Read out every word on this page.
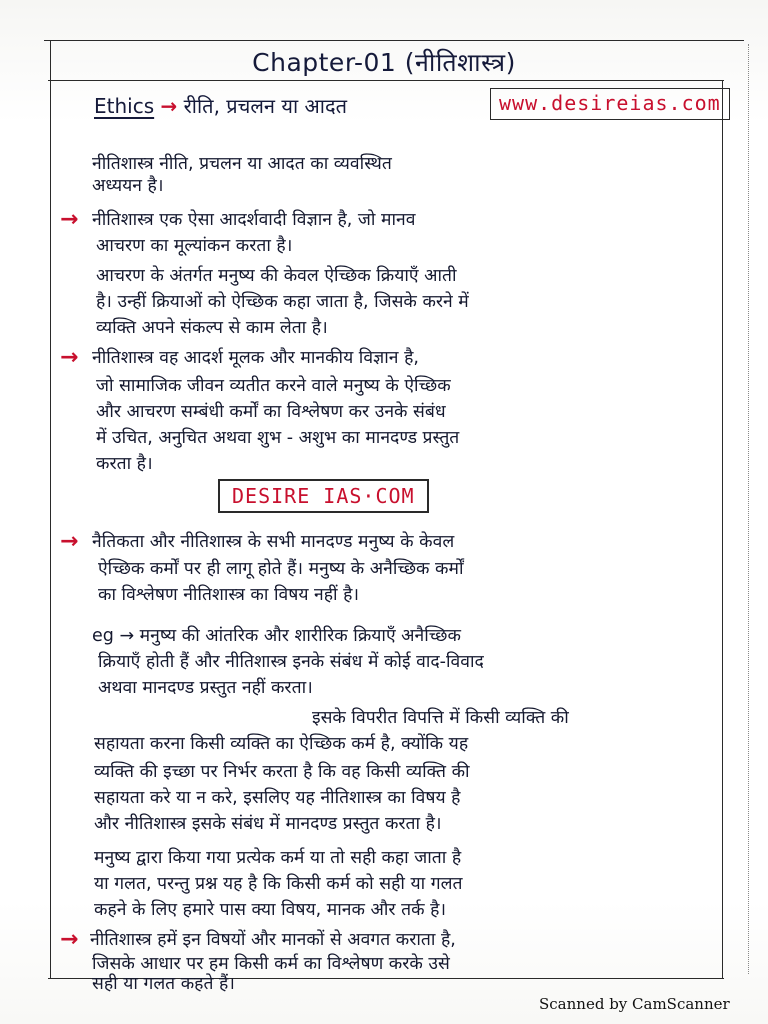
Chapter-01 (नीतिशास्त्र)
Ethics → रीति, प्रचलन या आदत	www.desireias.com
नीतिशास्त्र नीति, प्रचलन या आदत का व्यवस्थित
अध्ययन है।
→ नीतिशास्त्र एक ऐसा आदर्शवादी विज्ञान है, जो मानव
आचरण का मूल्यांकन करता है।
आचरण के अंतर्गत मनुष्य की केवल ऐच्छिक क्रियाएँ आती
है। उन्हीं क्रियाओं को ऐच्छिक कहा जाता है, जिसके करने में
व्यक्ति अपने संकल्प से काम लेता है।
→ नीतिशास्त्र वह आदर्श मूलक और मानकीय विज्ञान है,
जो सामाजिक जीवन व्यतीत करने वाले मनुष्य के ऐच्छिक
और आचरण सम्बंधी कर्मों का विश्लेषण कर उनके संबंध
में उचित, अनुचित अथवा शुभ - अशुभ का मानदण्ड प्रस्तुत
करता है।
DESIRE IAS·COM
→ नैतिकता और नीतिशास्त्र के सभी मानदण्ड मनुष्य के केवल
ऐच्छिक कर्मों पर ही लागू होते हैं। मनुष्य के अनैच्छिक कर्मों
का विश्लेषण नीतिशास्त्र का विषय नहीं है।
eg → मनुष्य की आंतरिक और शारीरिक क्रियाएँ अनैच्छिक
क्रियाएँ होती हैं और नीतिशास्त्र इनके संबंध में कोई वाद-विवाद
अथवा मानदण्ड प्रस्तुत नहीं करता।
इसके विपरीत विपत्ति में किसी व्यक्ति की
सहायता करना किसी व्यक्ति का ऐच्छिक कर्म है, क्योंकि यह
व्यक्ति की इच्छा पर निर्भर करता है कि वह किसी व्यक्ति की
सहायता करे या न करे, इसलिए यह नीतिशास्त्र का विषय है
और नीतिशास्त्र इसके संबंध में मानदण्ड प्रस्तुत करता है।
मनुष्य द्वारा किया गया प्रत्येक कर्म या तो सही कहा जाता है
या गलत, परन्तु प्रश्न यह है कि किसी कर्म को सही या गलत
कहने के लिए हमारे पास क्या विषय, मानक और तर्क है।
→ नीतिशास्त्र हमें इन विषयों और मानकों से अवगत कराता है,
जिसके आधार पर हम किसी कर्म का विश्लेषण करके उसे
सही या गलत कहते हैं।
Scanned by CamScanner
